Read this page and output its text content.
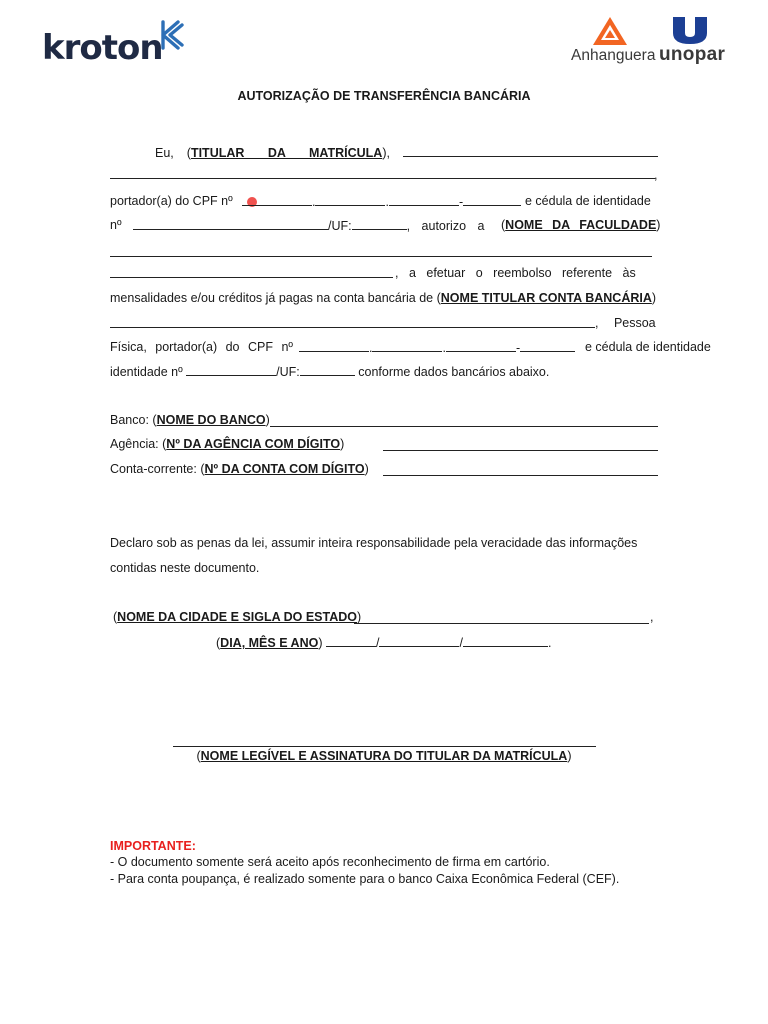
kroton	Anhanguera unopar
AUTORIZAÇÃO DE TRANSFERÊNCIA BANCÁRIA
Eu, (TITULAR DA MATRÍCULA),
,
portador(a) do CPF nº	.	.	-	e cédula de identidade
nº	/UF:	, autorizo a (NOME DA FACULDADE)
, a efetuar o reembolso referente às
mensalidades e/ou créditos já pagas na conta bancária de (NOME TITULAR CONTA BANCÁRIA)
, Pessoa
Física, portador(a) do CPF nº	.	.	-	e cédula de identidade
identidade nº	/UF:	conforme dados bancários abaixo.
Banco: (NOME DO BANCO)
Agência: (Nº DA AGÊNCIA COM DÍGITO)
Conta-corrente: (Nº DA CONTA COM DÍGITO)
Declaro sob as penas da lei, assumir inteira responsabilidade pela veracidade das informações
contidas neste documento.
(NOME DA CIDADE E SIGLA DO ESTADO)	,
(DIA, MÊS E ANO)	/	/	.
(NOME LEGÍVEL E ASSINATURA DO TITULAR DA MATRÍCULA)
IMPORTANTE:
- O documento somente será aceito após reconhecimento de firma em cartório.
- Para conta poupança, é realizado somente para o banco Caixa Econômica Federal (CEF).
